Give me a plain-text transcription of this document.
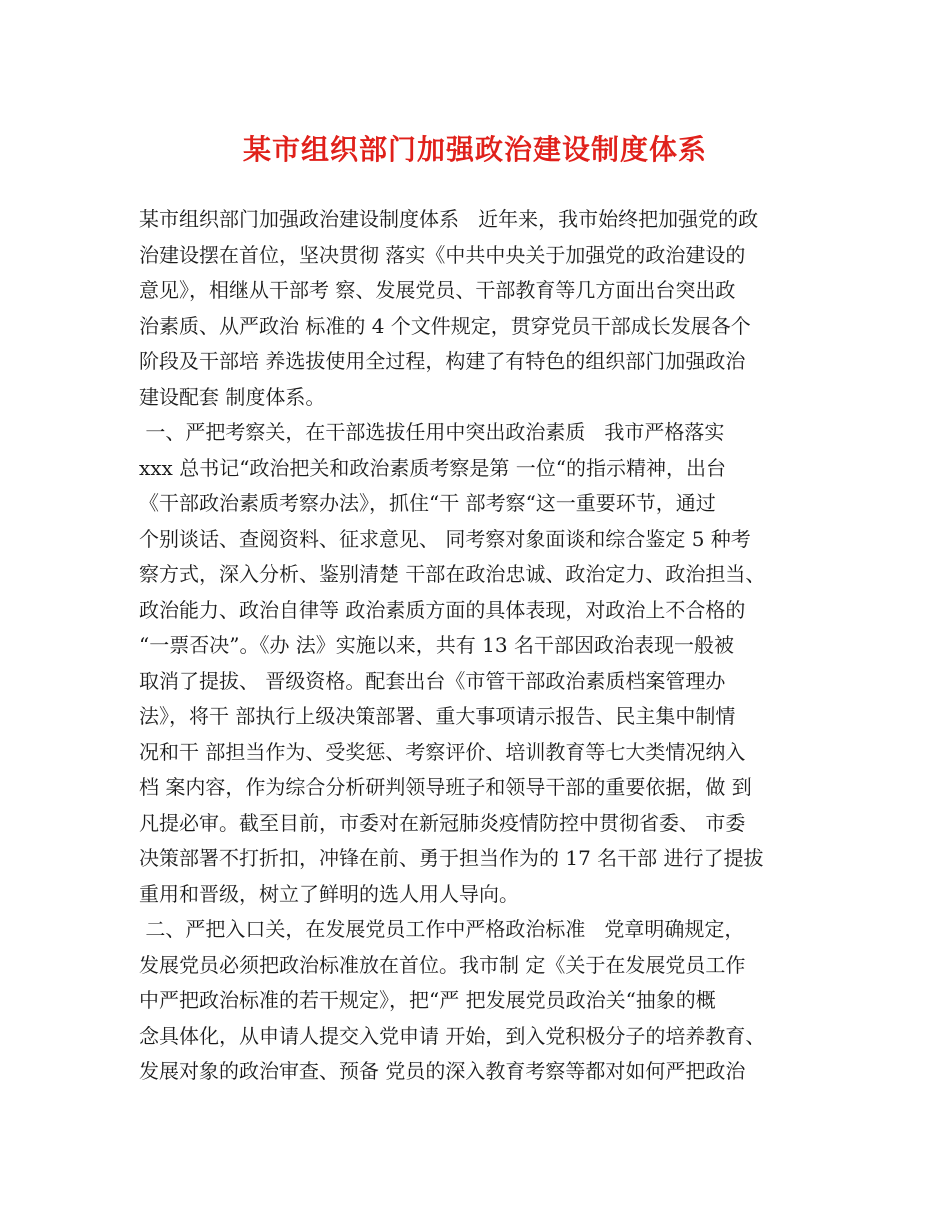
某市组织部门加强政治建设制度体系
某市组织部门加强政治建设制度体系   近年来，我市始终把加强党的政
治建设摆在首位，坚决贯彻 落实《中共中央关于加强党的政治建设的
意见》，相继从干部考 察、发展党员、干部教育等几方面出台突出政
治素质、从严政治 标准的 4 个文件规定，贯穿党员干部成长发展各个
阶段及干部培 养选拔使用全过程，构建了有特色的组织部门加强政治
建设配套 制度体系。
一、严把考察关，在干部选拔任用中突出政治素质   我市严格落实
xxx 总书记“政治把关和政治素质考察是第 一位“的指示精神，出台
《干部政治素质考察办法》，抓住“干 部考察“这一重要环节，通过
个别谈话、查阅资料、征求意见、 同考察对象面谈和综合鉴定 5 种考
察方式，深入分析、鉴别清楚 干部在政治忠诚、政治定力、政治担当、
政治能力、政治自律等 政治素质方面的具体表现，对政治上不合格的
“一票否决”。《办 法》实施以来，共有 13 名干部因政治表现一般被
取消了提拔、 晋级资格。配套出台《市管干部政治素质档案管理办
法》，将干 部执行上级决策部署、重大事项请示报告、民主集中制情
况和干 部担当作为、受奖惩、考察评价、培训教育等七大类情况纳入
档 案内容，作为综合分析研判领导班子和领导干部的重要依据，做 到
凡提必审。截至目前，市委对在新冠肺炎疫情防控中贯彻省委、 市委
决策部署不打折扣，冲锋在前、勇于担当作为的 17 名干部 进行了提拔
重用和晋级，树立了鲜明的选人用人导向。
二、严把入口关，在发展党员工作中严格政治标准   党章明确规定，
发展党员必须把政治标准放在首位。我市制 定《关于在发展党员工作
中严把政治标准的若干规定》，把“严 把发展党员政治关“抽象的概
念具体化，从申请人提交入党申请 开始，到入党积极分子的培养教育、
发展对象的政治审查、预备 党员的深入教育考察等都对如何严把政治
